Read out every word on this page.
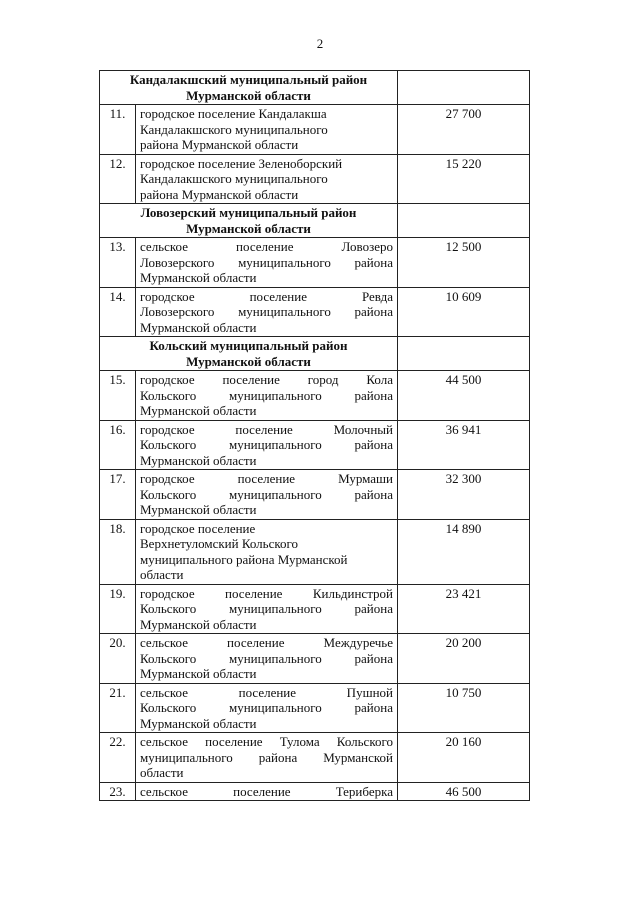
2
Кандалакшский муниципальный район
Мурманской области		

11.	городское поселение Кандалакша
Кандалакшского муниципального
района Мурманской области	27 700
12.	городское поселение Зеленоборский
Кандалакшского муниципального
района Мурманской области	15 220

Ловозерский муниципальный район
Мурманской области		

13.	сельское поселение Ловозеро
Ловозерского муниципального района
Мурманской области	12 500
14.	городское поселение Ревда
Ловозерского муниципального района
Мурманской области	10 609

Кольский муниципальный район
Мурманской области		

15.	городское поселение город Кола
Кольского муниципального района
Мурманской области	44 500
16.	городское поселение Молочный
Кольского муниципального района
Мурманской области	36 941
17.	городское поселение Мурмаши
Кольского муниципального района
Мурманской области	32 300
18.	городское поселение
Верхнетуломский Кольского
муниципального района Мурманской
области	14 890
19.	городское поселение Кильдинстрой
Кольского муниципального района
Мурманской области	23 421
20.	сельское поселение Междуречье
Кольского муниципального района
Мурманской области	20 200
21.	сельское поселение Пушной
Кольского муниципального района
Мурманской области	10 750
22.	сельское поселение Тулома Кольского
муниципального района Мурманской
области	20 160
23.	сельское поселение Териберка	46 500
